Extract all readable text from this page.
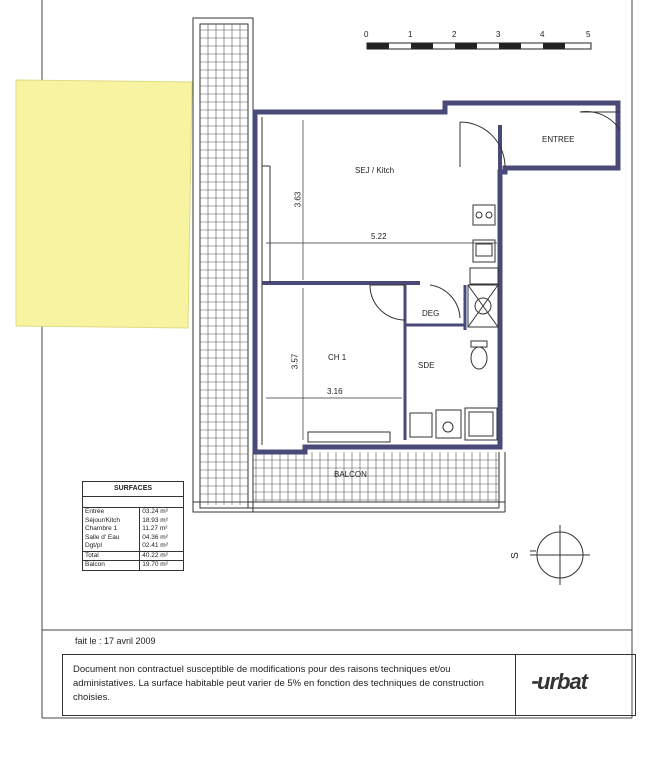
0	1	2	3	4	5
ENTREE
SEJ / Kitch
DEG
CH 1
SDE
BALCON
3.63
5.22
3.57
3.16
S
SURFACES
Entrée	03.24 m²
Séjour/Kitch	18.93 m²
Chambre 1	11.27 m²
Salle d' Eau	04.36 m²
Dgt/pl	02.41 m²
Total	40.22 m²
Balcon	19.70 m²
fait le : 17 avril 2009
Document non contractuel susceptible de modifications pour des raisons techniques et/ou administatives. La surface habitable peut varier de 5% en fonction des techniques de construction choisies.
⁃urbat
